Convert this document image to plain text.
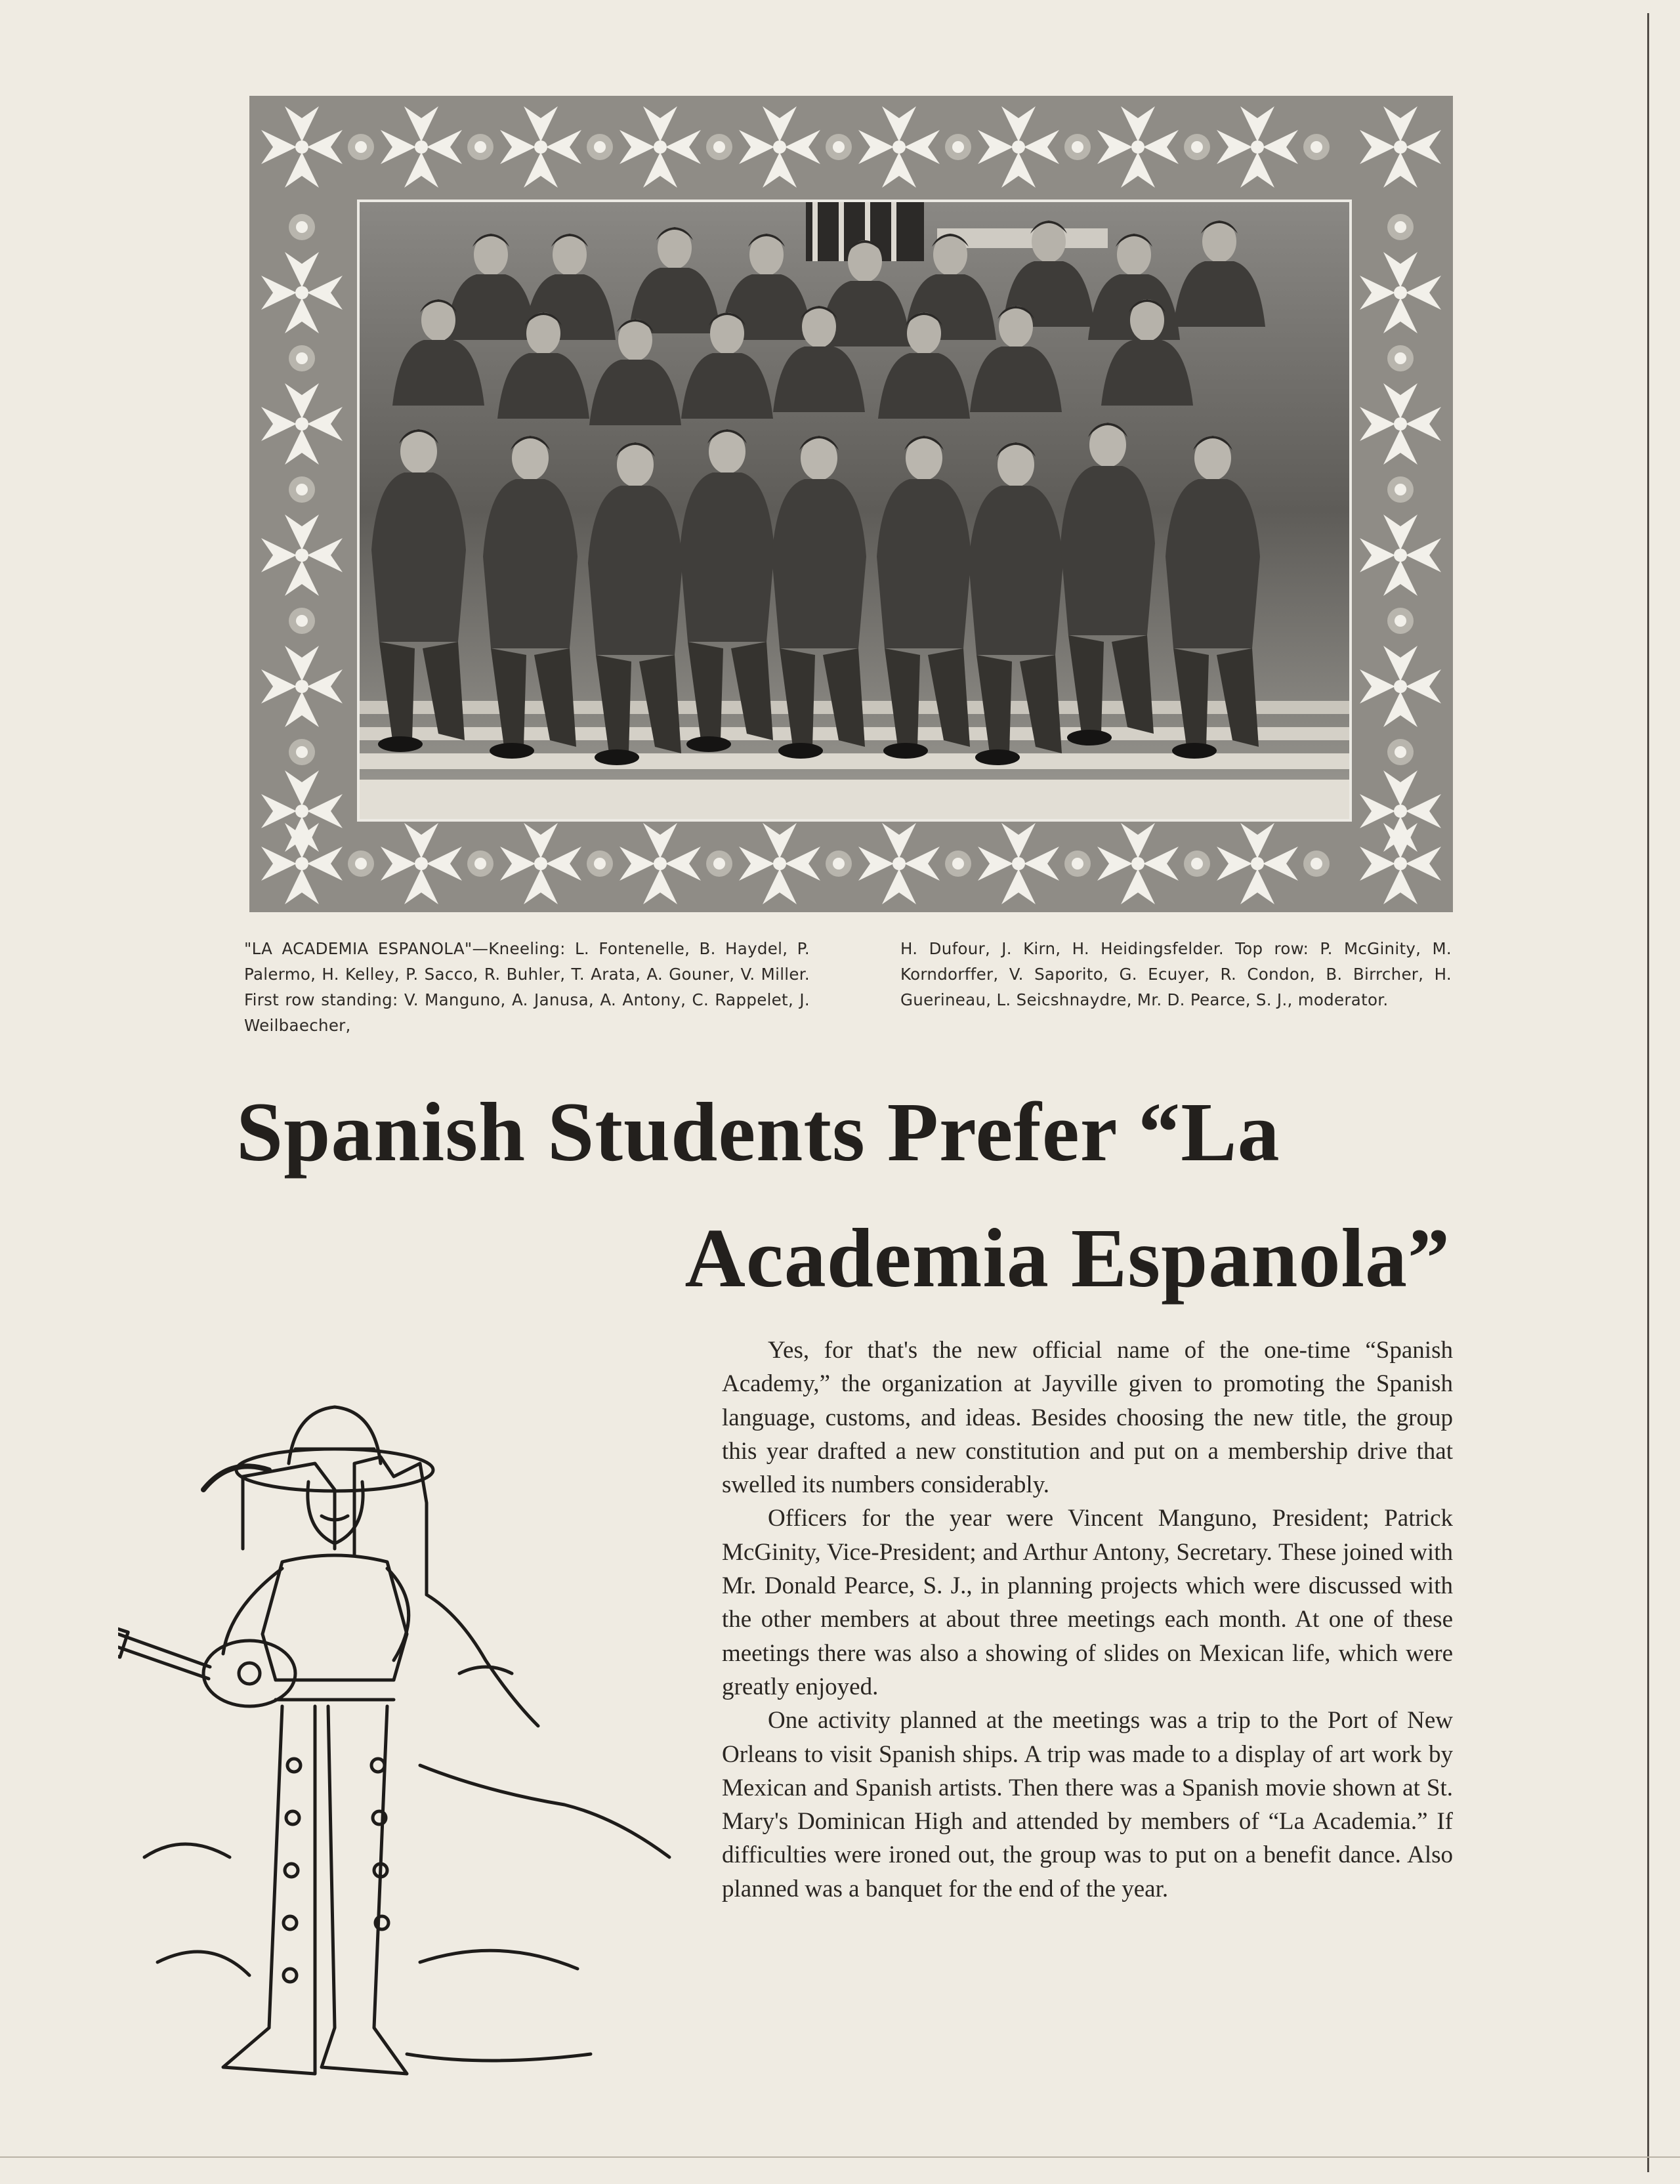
"LA ACADEMIA ESPANOLA"—Kneeling: L. Fontenelle, B. Haydel, P. Palermo, H. Kelley, P. Sacco, R. Buhler, T. Arata, A. Gouner, V. Miller. First row standing: V. Manguno, A. Janusa, A. Antony, C. Rappelet, J. Weilbaecher,
H. Dufour, J. Kirn, H. Heidingsfelder. Top row: P. McGinity, M. Korndorffer, V. Saporito, G. Ecuyer, R. Condon, B. Birrcher, H. Guerineau, L. Seicshnaydre, Mr. D. Pearce, S. J., moderator.
Spanish Students Prefer “La
Academia Espanola”

Yes, for that's the new official name of the one-time “Spanish Academy,” the organization at Jayville given to promoting the Spanish language, customs, and ideas. Besides choosing the new title, the group this year drafted a new constitution and put on a membership drive that swelled its numbers considerably.

Officers for the year were Vincent Manguno, President; Patrick McGinity, Vice-President; and Arthur Antony, Secretary. These joined with Mr. Donald Pearce, S. J., in planning projects which were discussed with the other members at about three meetings each month. At one of these meetings there was also a showing of slides on Mexican life, which were greatly enjoyed.

One activity planned at the meetings was a trip to the Port of New Orleans to visit Spanish ships. A trip was made to a display of art work by Mexican and Spanish artists. Then there was a Spanish movie shown at St. Mary's Dominican High and attended by members of “La Academia.” If difficulties were ironed out, the group was to put on a benefit dance. Also planned was a banquet for the end of the year.
